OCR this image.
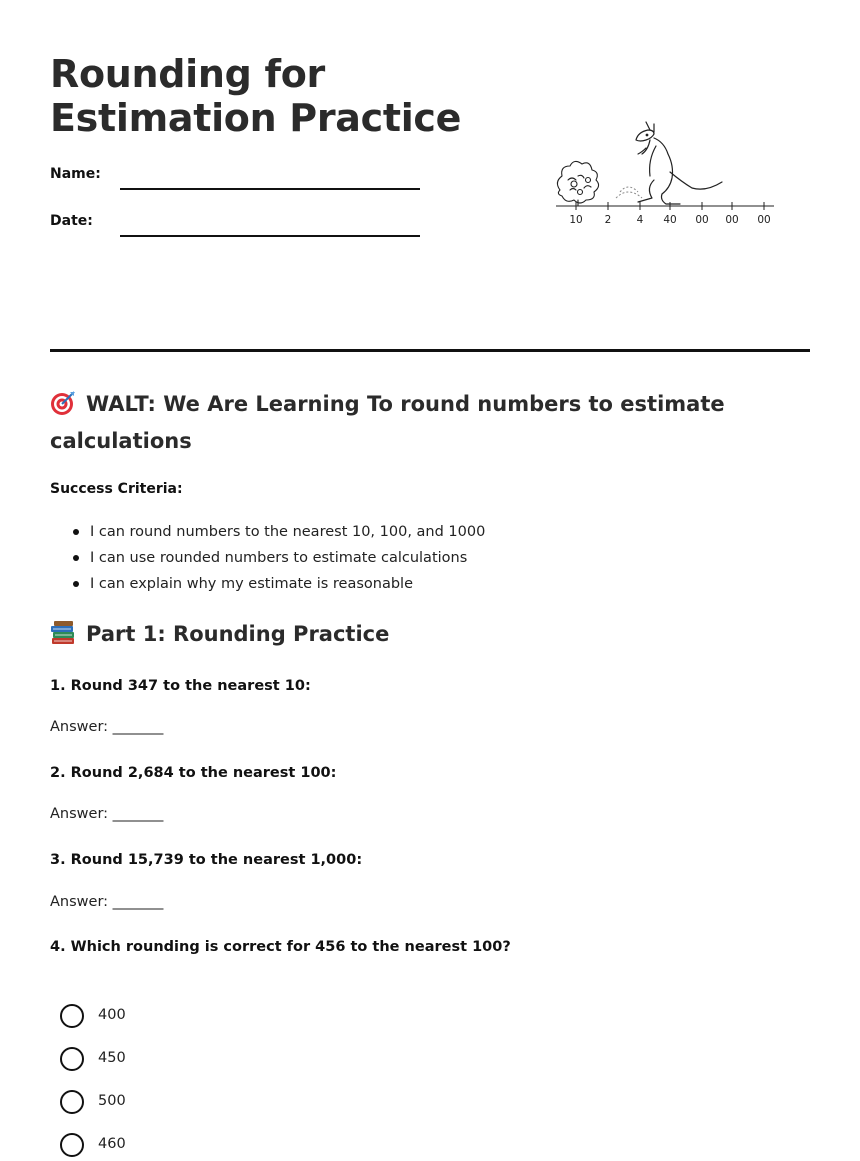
Rounding for
Estimation Practice
Name:
Date:	10 2 4 40 00 00 00
WALT: We Are Learning To round numbers to estimate calculations
Success Criteria:
I can round numbers to the nearest 10, 100, and 1000
I can use rounded numbers to estimate calculations
I can explain why my estimate is reasonable
Part 1: Rounding Practice
1. Round 347 to the nearest 10:
Answer: _______
2. Round 2,684 to the nearest 100:
Answer: _______
3. Round 15,739 to the nearest 1,000:
Answer: _______
4. Which rounding is correct for 456 to the nearest 100?
400
450
500
460
